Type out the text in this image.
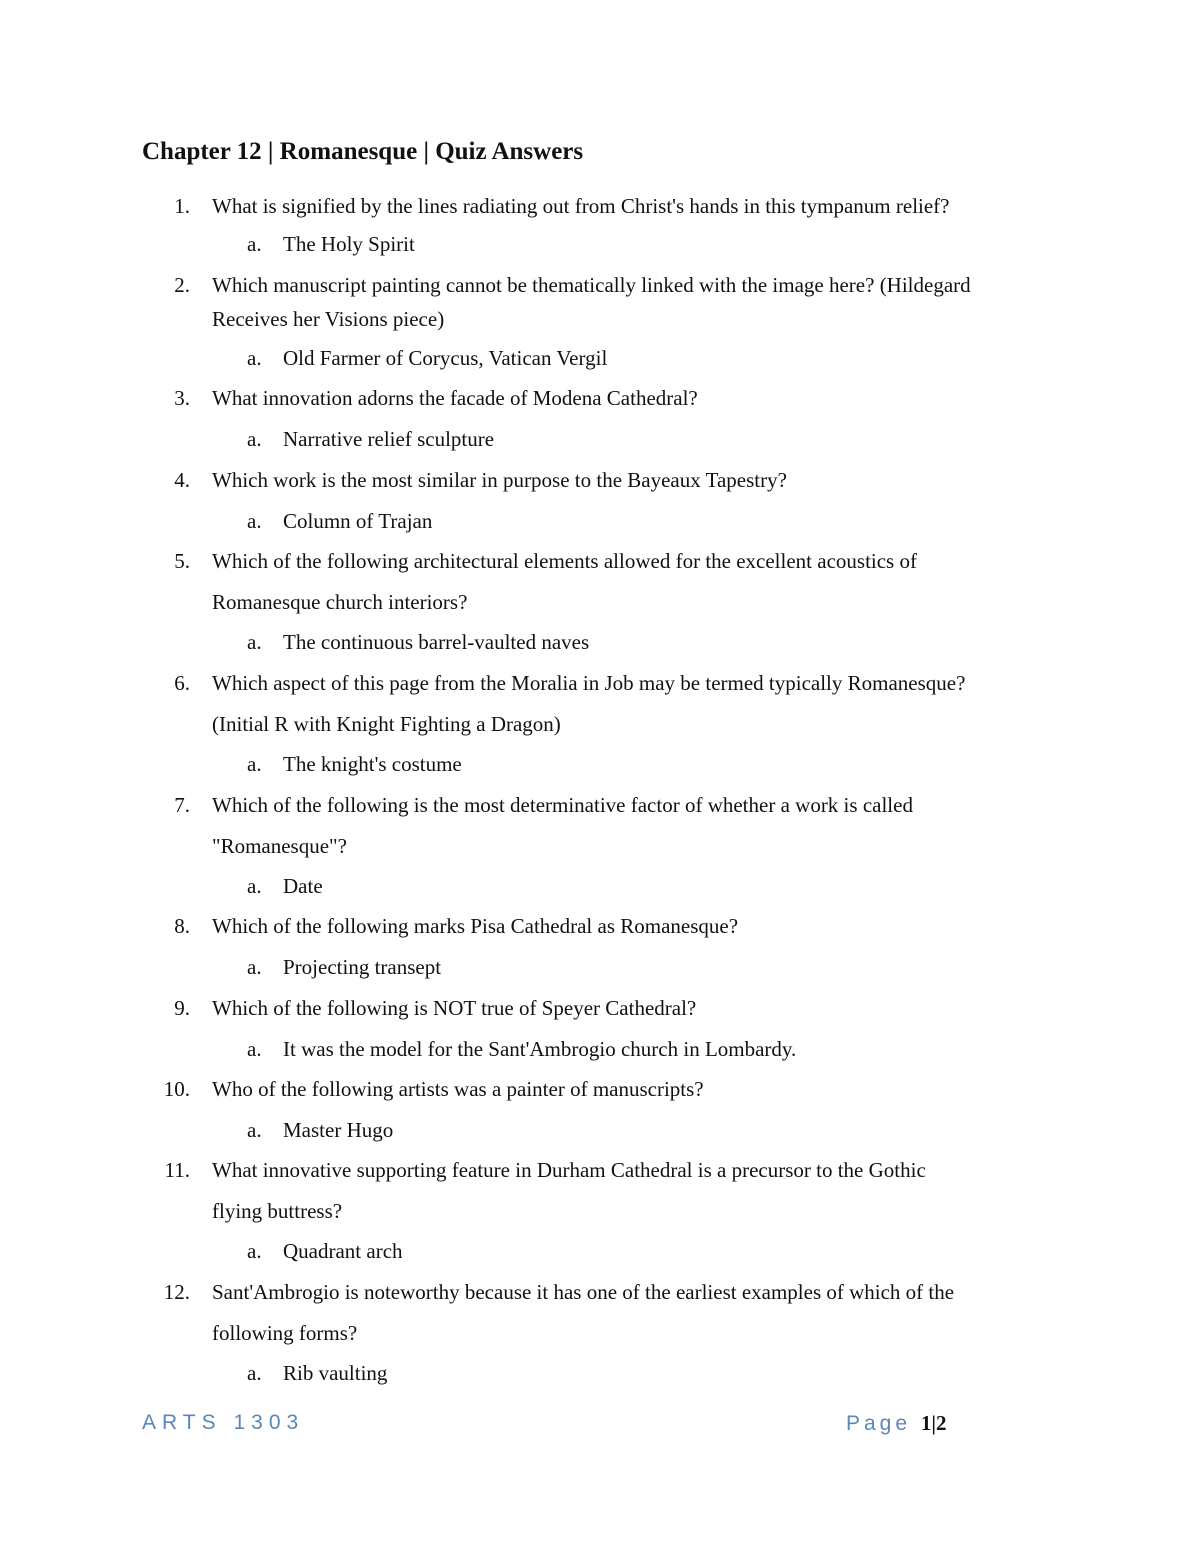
Chapter 12 | Romanesque | Quiz Answers
1. What is signified by the lines radiating out from Christ's hands in this tympanum relief?
a. The Holy Spirit
2. Which manuscript painting cannot be thematically linked with the image here? (Hildegard
Receives her Visions piece)
a. Old Farmer of Corycus, Vatican Vergil
3. What innovation adorns the facade of Modena Cathedral?
a. Narrative relief sculpture
4. Which work is the most similar in purpose to the Bayeaux Tapestry?
a. Column of Trajan
5. Which of the following architectural elements allowed for the excellent acoustics of
Romanesque church interiors?
a. The continuous barrel-vaulted naves
6. Which aspect of this page from the Moralia in Job may be termed typically Romanesque?
(Initial R with Knight Fighting a Dragon)
a. The knight's costume
7. Which of the following is the most determinative factor of whether a work is called
"Romanesque"?
a. Date
8. Which of the following marks Pisa Cathedral as Romanesque?
a. Projecting transept
9. Which of the following is NOT true of Speyer Cathedral?
a. It was the model for the Sant'Ambrogio church in Lombardy.
10. Who of the following artists was a painter of manuscripts?
a. Master Hugo
11. What innovative supporting feature in Durham Cathedral is a precursor to the Gothic
flying buttress?
a. Quadrant arch
12. Sant'Ambrogio is noteworthy because it has one of the earliest examples of which of the
following forms?
a. Rib vaulting
ARTS 1303	Page 1|2
